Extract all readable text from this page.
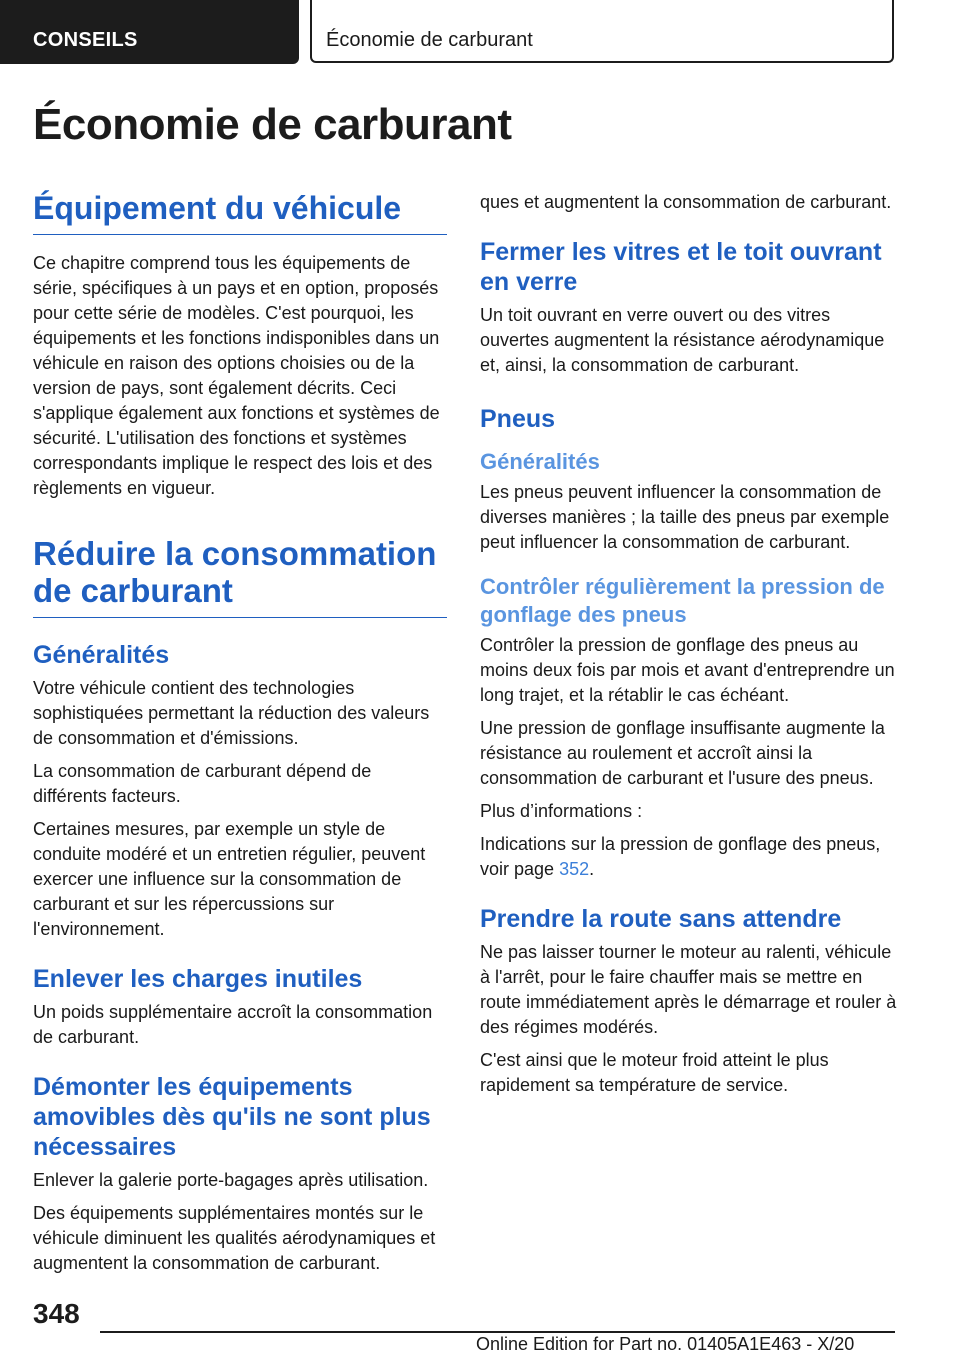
CONSEILS	Économie de carburant
Économie de carburant
Équipement du véhicule

Ce chapitre comprend tous les équipements de série, spécifiques à un pays et en option, proposés pour cette série de modèles. C'est pourquoi, les équipements et les fonctions indisponibles dans un véhicule en raison des options choisies ou de la version de pays, sont également décrits. Ceci s'applique également aux fonctions et systèmes de sécurité. L'utilisation des fonctions et systèmes correspondants implique le respect des lois et des règlements en vigueur.

Réduire la consommation de carburant
Généralités

Votre véhicule contient des technologies sophistiquées permettant la réduction des valeurs de consommation et d'émissions.

La consommation de carburant dépend de différents facteurs.

Certaines mesures, par exemple un style de conduite modéré et un entretien régulier, peuvent exercer une influence sur la consommation de carburant et sur les répercussions sur l'environnement.

Enlever les charges inutiles

Un poids supplémentaire accroît la consommation de carburant.

Démonter les équipements amovibles dès qu'ils ne sont plus nécessaires

Enlever la galerie porte-bagages après utilisation.

Des équipements supplémentaires montés sur le véhicule diminuent les qualités aérodynamiques et augmentent la consommation de carburant.

ques et augmentent la consommation de carburant.

Fermer les vitres et le toit ouvrant en verre

Un toit ouvrant en verre ouvert ou des vitres ouvertes augmentent la résistance aérodynamique et, ainsi, la consommation de carburant.

Pneus
Généralités

Les pneus peuvent influencer la consommation de diverses manières ; la taille des pneus par exemple peut influencer la consommation de carburant.

Contrôler régulièrement la pression de gonflage des pneus

Contrôler la pression de gonflage des pneus au moins deux fois par mois et avant d'entreprendre un long trajet, et la rétablir le cas échéant.

Une pression de gonflage insuffisante augmente la résistance au roulement et accroît ainsi la consommation de carburant et l'usure des pneus.

Plus d’informations :

Indications sur la pression de gonflage des pneus, voir page 352.

Prendre la route sans attendre

Ne pas laisser tourner le moteur au ralenti, véhicule à l'arrêt, pour le faire chauffer mais se mettre en route immédiatement après le démarrage et rouler à des régimes modérés.

C'est ainsi que le moteur froid atteint le plus rapidement sa température de service.

348
Online Edition for Part no. 01405A1E463 - X/20
